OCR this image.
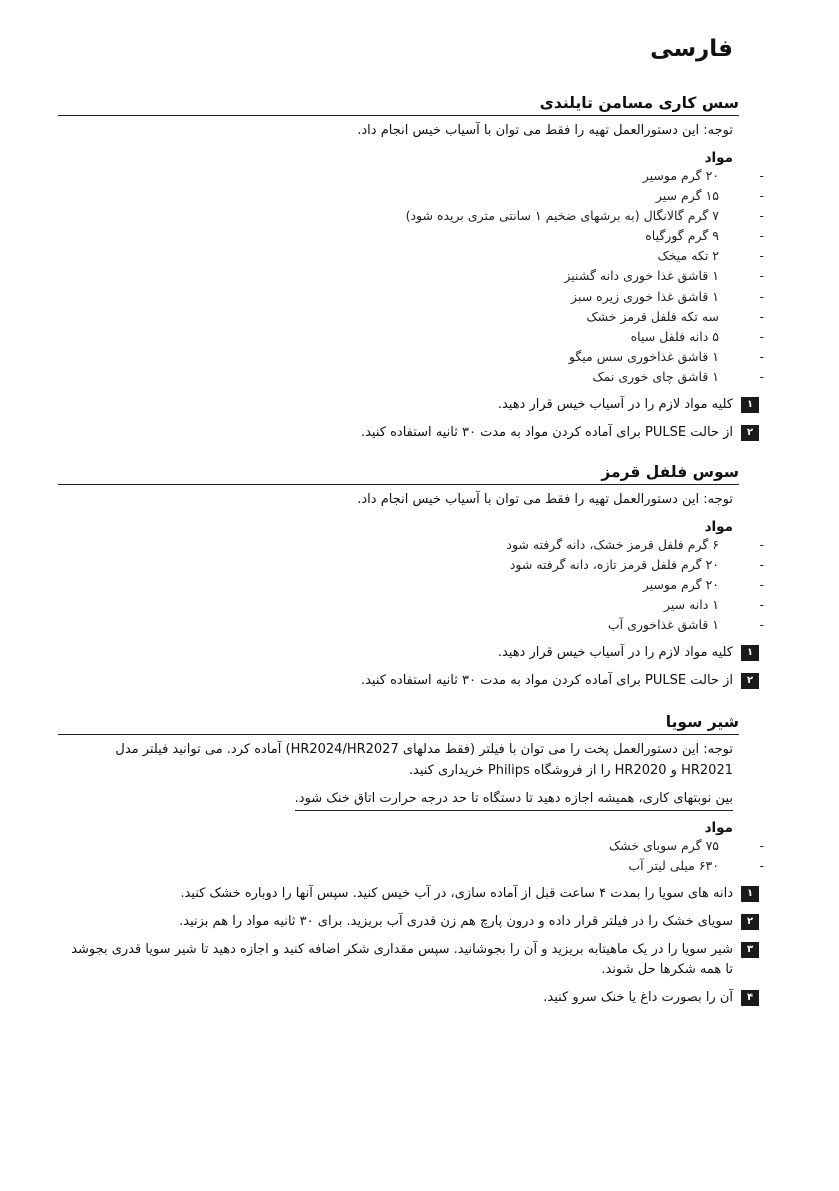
فارسی
سس کاری مسامن تایلندی
توجه: این دستورالعمل تهیه را فقط می توان با آسیاب خیس انجام داد.
مواد
-
۲۰ گرم موسیر
-
۱۵ گرم سیر
-
۷ گرم گالانگال (به برشهای ضخیم ۱ سانتی متری بریده شود)
-
۹ گرم گورگیاه
-
۲ تکه میخک
-
۱ قاشق غذا خوری دانه گشنیز
-
۱ قاشق غذا خوری زیره سبز
-
سه تکه فلفل قرمز خشک
-
۵ دانه فلفل سیاه
-
۱ قاشق غذاخوری سس میگو
-
۱ قاشق چای خوری نمک
۱
کلیه مواد لازم را در آسیاب خیس قرار دهید.
۲
از حالت PULSE برای آماده کردن مواد به مدت ۳۰ ثانیه استفاده کنید.
سوس فلفل قرمز
توجه: این دستورالعمل تهیه را فقط می توان با آسیاب خیس انجام داد.
مواد
-
۶ گرم فلفل قرمز خشک، دانه گرفته شود
-
۲۰ گرم فلفل قرمز تازه، دانه گرفته شود
-
۲۰ گرم موسیر
-
۱ دانه سیر
-
۱ قاشق غذاخوری آب
۱
کلیه مواد لازم را در آسیاب خیس قرار دهید.
۲
از حالت PULSE برای آماده کردن مواد به مدت ۳۰ ثانیه استفاده کنید.
شیر سویا
توجه: این دستورالعمل پخت را می توان با فیلتر (فقط مدلهای HR2024/HR2027) آماده کرد. می توانید فیلتر مدل HR2021 و HR2020 را از فروشگاه Philips خریداری کنید.
بین نوبتهای کاری، همیشه اجازه دهید تا دستگاه تا حد درجه حرارت اتاق خنک شود.
مواد
-
۷۵ گرم سویای خشک
-
۶۳۰ میلی لیتر آب
۱
دانه های سویا را بمدت ۴ ساعت قبل از آماده سازی، در آب خیس کنید. سپس آنها را دوباره خشک کنید.
۲
سویای خشک را در فیلتر قرار داده و درون پارچ هم زن قدری آب بریزید. برای ۳۰ ثانیه مواد را هم بزنید.
۳
شیر سویا را در یک ماهیتابه بریزید و آن را بجوشانید. سپس مقداری شکر اضافه کنید و اجازه دهید تا شیر سویا قدری بجوشد تا همه شکرها حل شوند.
۴
آن را بصورت داغ یا خنک سرو کنید.
